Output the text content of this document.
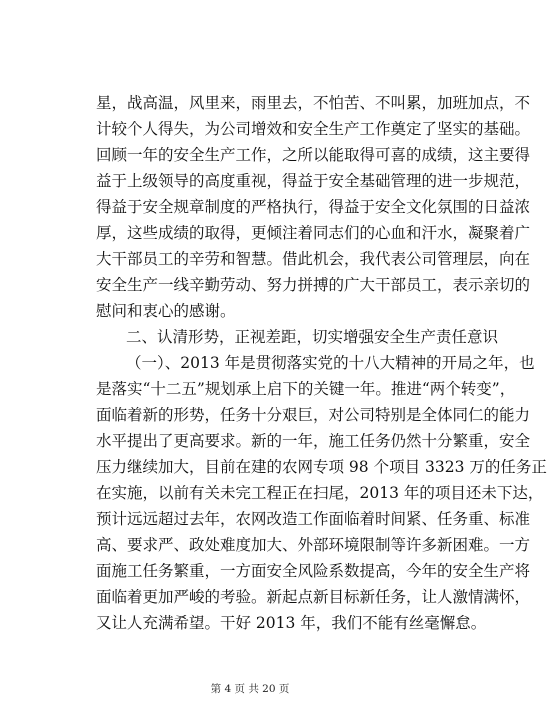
星，战高温，风里来，雨里去，不怕苦、不叫累，加班加点，不
计较个人得失，为公司增效和安全生产工作奠定了坚实的基础。
回顾一年的安全生产工作，之所以能取得可喜的成绩，这主要得
益于上级领导的高度重视，得益于安全基础管理的进一步规范，
得益于安全规章制度的严格执行，得益于安全文化氛围的日益浓
厚，这些成绩的取得，更倾注着同志们的心血和汗水，凝聚着广
大干部员工的辛劳和智慧。借此机会，我代表公司管理层，向在
安全生产一线辛勤劳动、努力拼搏的广大干部员工，表示亲切的
慰问和衷心的感谢。
二、认清形势，正视差距，切实增强安全生产责任意识
（一）、2013 年是贯彻落实党的十八大精神的开局之年，也
是落实“十二五”规划承上启下的关键一年。推进“两个转变”，
面临着新的形势，任务十分艰巨，对公司特别是全体同仁的能力
水平提出了更高要求。新的一年，施工任务仍然十分繁重，安全
压力继续加大，目前在建的农网专项 98 个项目 3323 万的任务正
在实施，以前有关未完工程正在扫尾，2013 年的项目还未下达，
预计远远超过去年，农网改造工作面临着时间紧、任务重、标准
高、要求严、政处难度加大、外部环境限制等许多新困难。一方
面施工任务繁重，一方面安全风险系数提高，今年的安全生产将
面临着更加严峻的考验。新起点新目标新任务，让人激情满怀，
又让人充满希望。干好 2013 年，我们不能有丝毫懈怠。
第 4 页 共 20 页
